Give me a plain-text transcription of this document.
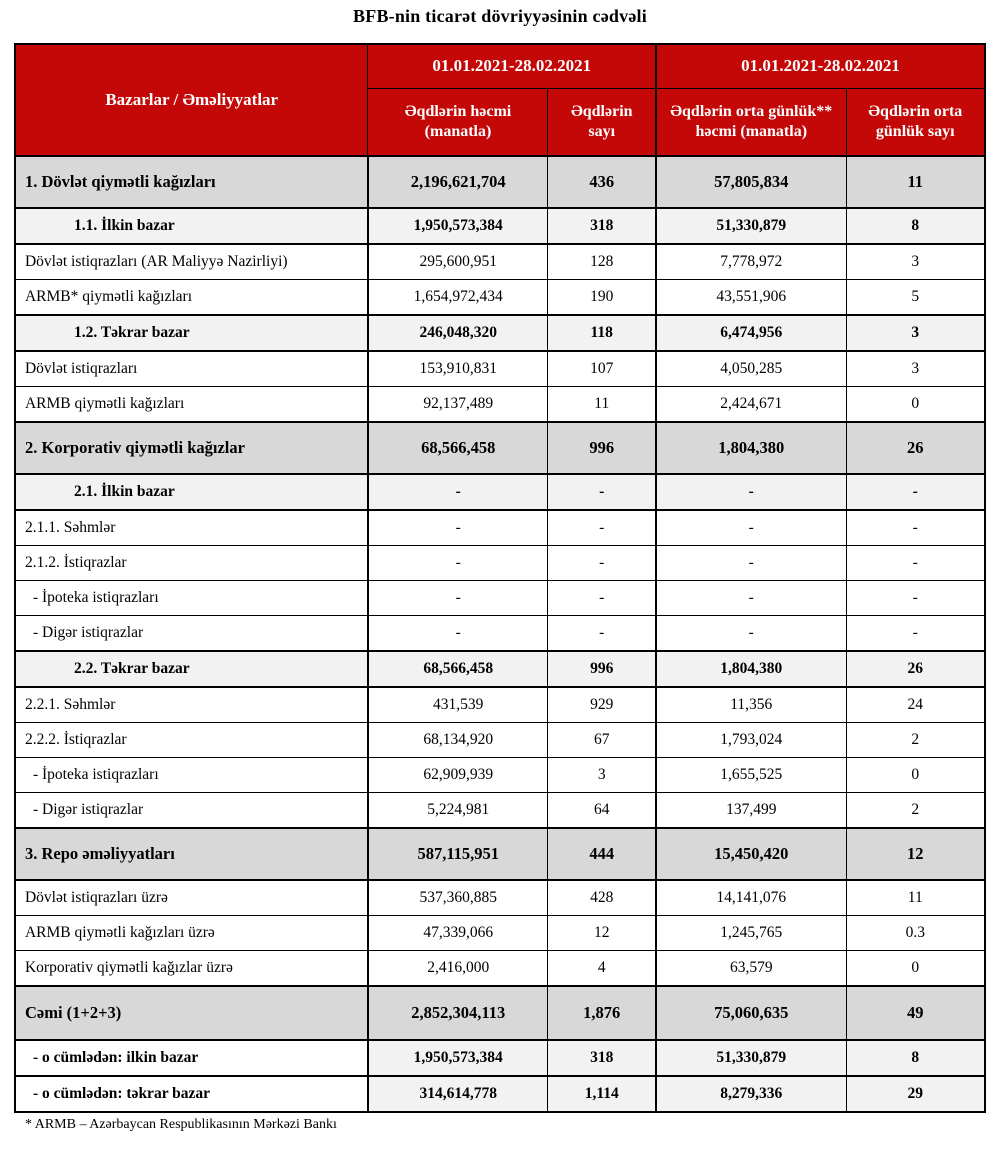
BFB-nin ticarət dövriyyəsinin cədvəli
Bazarlar / Əməliyyatlar	01.01.2021-28.02.2021		01.01.2021-28.02.2021	
	Əqdlərin həcmi (manatla)	Əqdlərin sayı	Əqdlərin orta günlük** həcmi (manatla)	Əqdlərin orta günlük sayı
1. Dövlət qiymətli kağızları	2,196,621,704	436	57,805,834	11
1.1. İlkin bazar	1,950,573,384	318	51,330,879	8
Dövlət istiqrazları (AR Maliyyə Nazirliyi)	295,600,951	128	7,778,972	3
ARMB* qiymətli kağızları	1,654,972,434	190	43,551,906	5
1.2. Təkrar bazar	246,048,320	118	6,474,956	3
Dövlət istiqrazları	153,910,831	107	4,050,285	3
ARMB qiymətli kağızları	92,137,489	11	2,424,671	0
2. Korporativ qiymətli kağızlar	68,566,458	996	1,804,380	26
2.1. İlkin bazar	-	-	-	-
2.1.1. Səhmlər	-	-	-	-
2.1.2. İstiqrazlar	-	-	-	-
- İpoteka istiqrazları	-	-	-	-
- Digər istiqrazlar	-	-	-	-
2.2. Təkrar bazar	68,566,458	996	1,804,380	26
2.2.1. Səhmlər	431,539	929	11,356	24
2.2.2. İstiqrazlar	68,134,920	67	1,793,024	2
- İpoteka istiqrazları	62,909,939	3	1,655,525	0
- Digər istiqrazlar	5,224,981	64	137,499	2
3. Repo əməliyyatları	587,115,951	444	15,450,420	12
Dövlət istiqrazları üzrə	537,360,885	428	14,141,076	11
ARMB qiymətli kağızları üzrə	47,339,066	12	1,245,765	0.3
Korporativ qiymətli kağızlar üzrə	2,416,000	4	63,579	0
Cəmi (1+2+3)	2,852,304,113	1,876	75,060,635	49
- o cümlədən: ilkin bazar	1,950,573,384	318	51,330,879	8
- o cümlədən: təkrar bazar	314,614,778	1,114	8,279,336	29
* ARMB – Azərbaycan Respublikasının Mərkəzi Bankı
